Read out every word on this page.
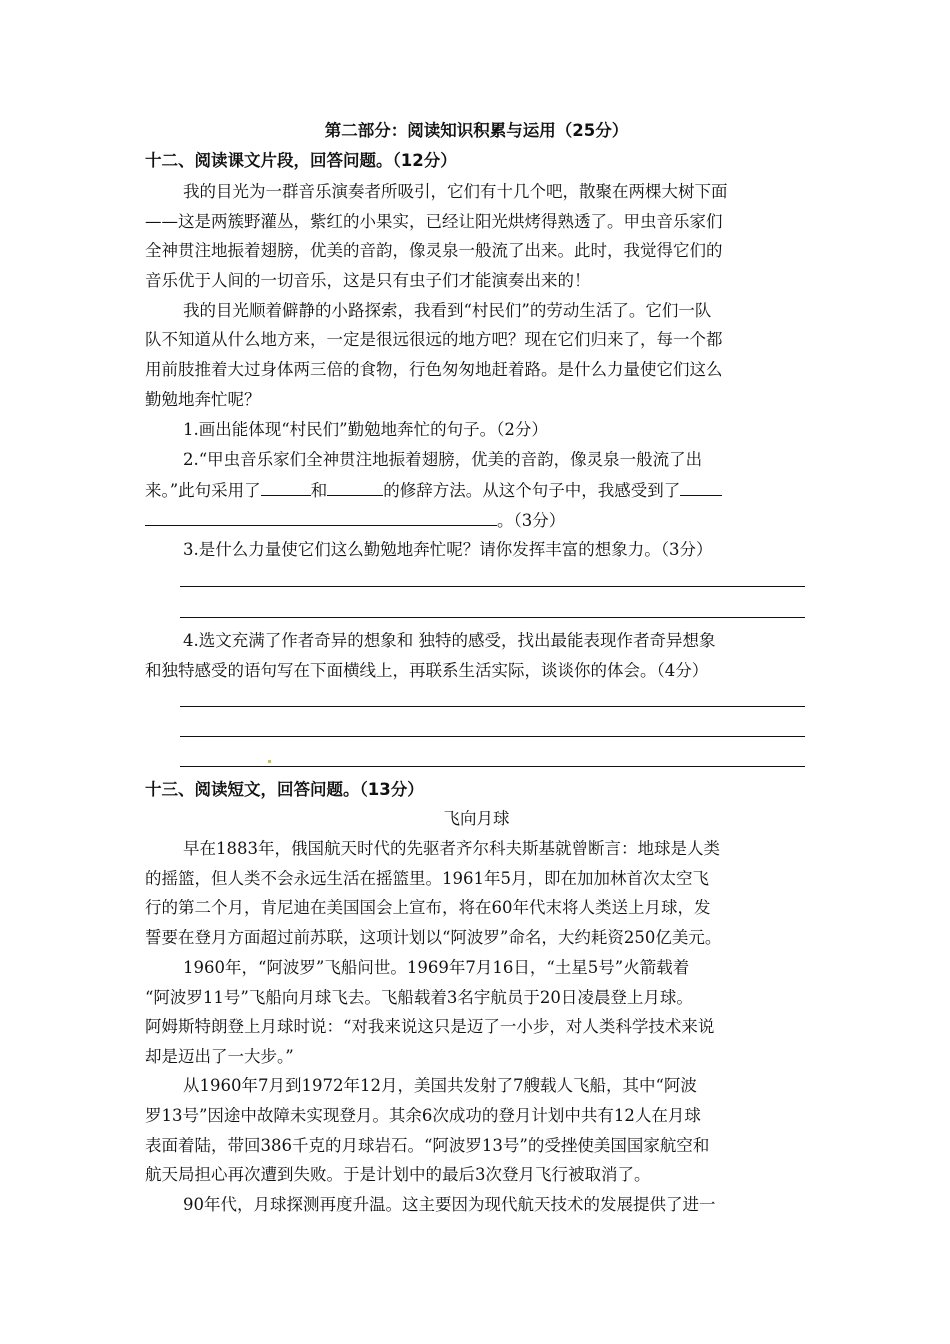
第二部分：阅读知识积累与运用（25分）
十二、阅读课文片段，回答问题。（12分）
我的目光为一群音乐演奏者所吸引，它们有十几个吧，散聚在两棵大树下面
——这是两簇野灌丛，紫红的小果实，已经让阳光烘烤得熟透了。甲虫音乐家们
全神贯注地振着翅膀，优美的音韵，像灵泉一般流了出来。此时，我觉得它们的
音乐优于人间的一切音乐，这是只有虫子们才能演奏出来的！
我的目光顺着僻静的小路探索，我看到“村民们”的劳动生活了。它们一队
队不知道从什么地方来，一定是很远很远的地方吧？现在它们归来了，每一个都
用前肢推着大过身体两三倍的食物，行色匆匆地赶着路。是什么力量使它们这么
勤勉地奔忙呢？
1.画出能体现“村民们”勤勉地奔忙的句子。（2分）
2.“甲虫音乐家们全神贯注地振着翅膀，优美的音韵，像灵泉一般流了出
来。”此句采用了	和	的修辞方法。从这个句子中，我感受到了
。（3分）
3.是什么力量使它们这么勤勉地奔忙呢？请你发挥丰富的想象力。（3分）
4.选文充满了作者奇异的想象和 独特的感受，找出最能表现作者奇异想象
和独特感受的语句写在下面横线上，再联系生活实际，谈谈你的体会。（4分）
十三、阅读短文，回答问题。（13分）
飞向月球
早在1883年，俄国航天时代的先驱者齐尔科夫斯基就曾断言：地球是人类
的摇篮，但人类不会永远生活在摇篮里。1961年5月，即在加加林首次太空飞
行的第二个月，肯尼迪在美国国会上宣布，将在60年代末将人类送上月球，发
誓要在登月方面超过前苏联，这项计划以“阿波罗”命名，大约耗资250亿美元。
1960年，“阿波罗”飞船问世。1969年7月16日，“土星5号”火箭载着
“阿波罗11号”飞船向月球飞去。飞船载着3名宇航员于20日凌晨登上月球。
阿姆斯特朗登上月球时说：“对我来说这只是迈了一小步，对人类科学技术来说
却是迈出了一大步。”
从1960年7月到1972年12月，美国共发射了7艘载人飞船，其中“阿波
罗13号”因途中故障未实现登月。其余6次成功的登月计划中共有12人在月球
表面着陆，带回386千克的月球岩石。“阿波罗13号”的受挫使美国国家航空和
航天局担心再次遭到失败。于是计划中的最后3次登月飞行被取消了。
90年代，月球探测再度升温。这主要因为现代航天技术的发展提供了进一
